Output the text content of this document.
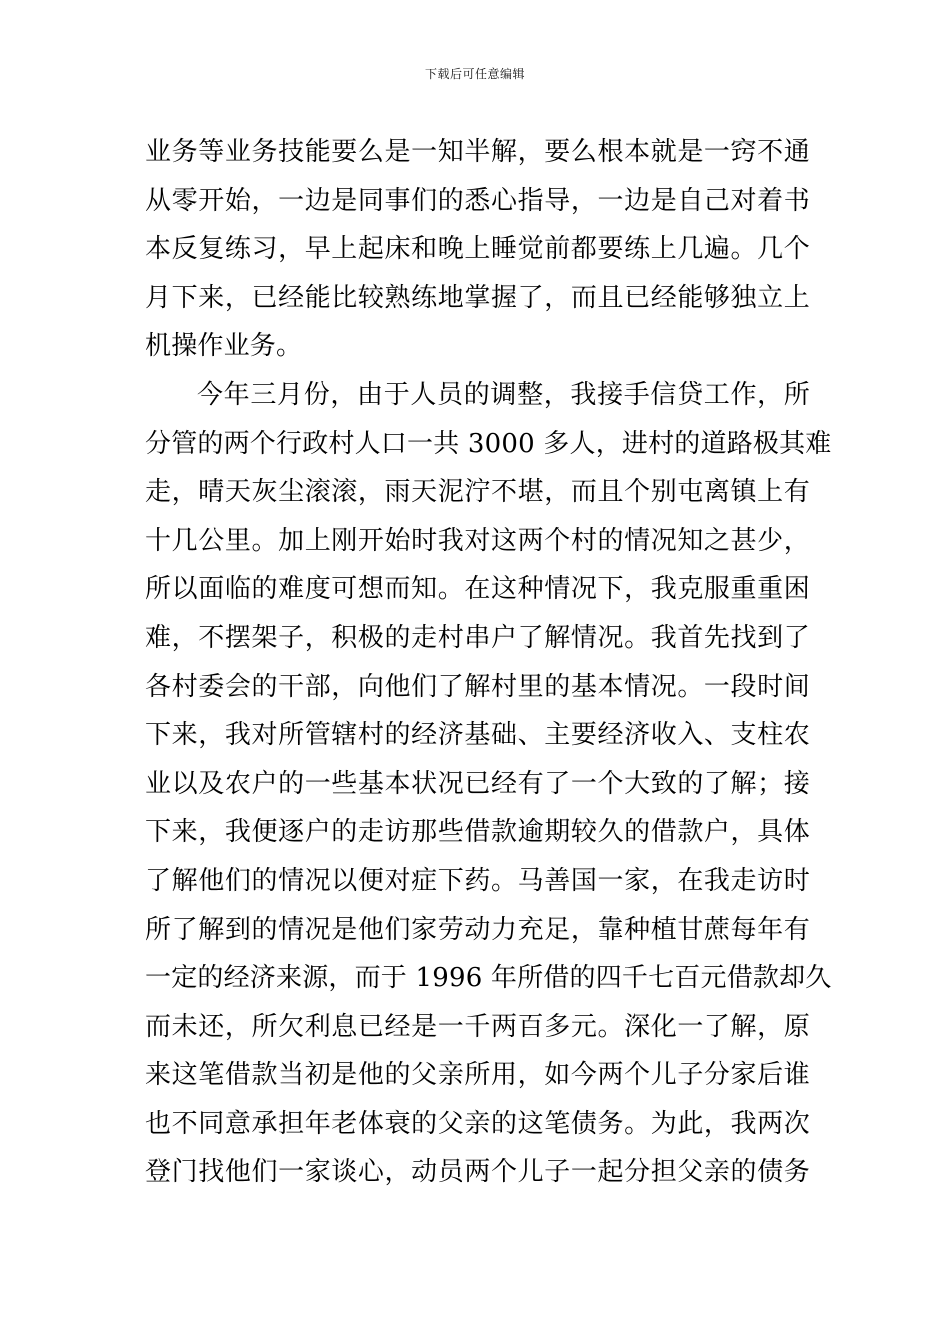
下载后可任意编辑
业务等业务技能要么是一知半解，要么根本就是一窍不通
从零开始，一边是同事们的悉心指导，一边是自己对着书
本反复练习，早上起床和晚上睡觉前都要练上几遍。几个
月下来，已经能比较熟练地掌握了，而且已经能够独立上
机操作业务。
今年三月份，由于人员的调整，我接手信贷工作，所
分管的两个行政村人口一共 3000 多人，进村的道路极其难
走，晴天灰尘滚滚，雨天泥泞不堪，而且个别屯离镇上有
十几公里。加上刚开始时我对这两个村的情况知之甚少，
所以面临的难度可想而知。在这种情况下，我克服重重困
难，不摆架子，积极的走村串户了解情况。我首先找到了
各村委会的干部，向他们了解村里的基本情况。一段时间
下来，我对所管辖村的经济基础、主要经济收入、支柱农
业以及农户的一些基本状况已经有了一个大致的了解；接
下来，我便逐户的走访那些借款逾期较久的借款户，具体
了解他们的情况以便对症下药。马善国一家，在我走访时
所了解到的情况是他们家劳动力充足，靠种植甘蔗每年有
一定的经济来源，而于 1996 年所借的四千七百元借款却久
而未还，所欠利息已经是一千两百多元。深化一了解，原
来这笔借款当初是他的父亲所用，如今两个儿子分家后谁
也不同意承担年老体衰的父亲的这笔债务。为此，我两次
登门找他们一家谈心，动员两个儿子一起分担父亲的债务
